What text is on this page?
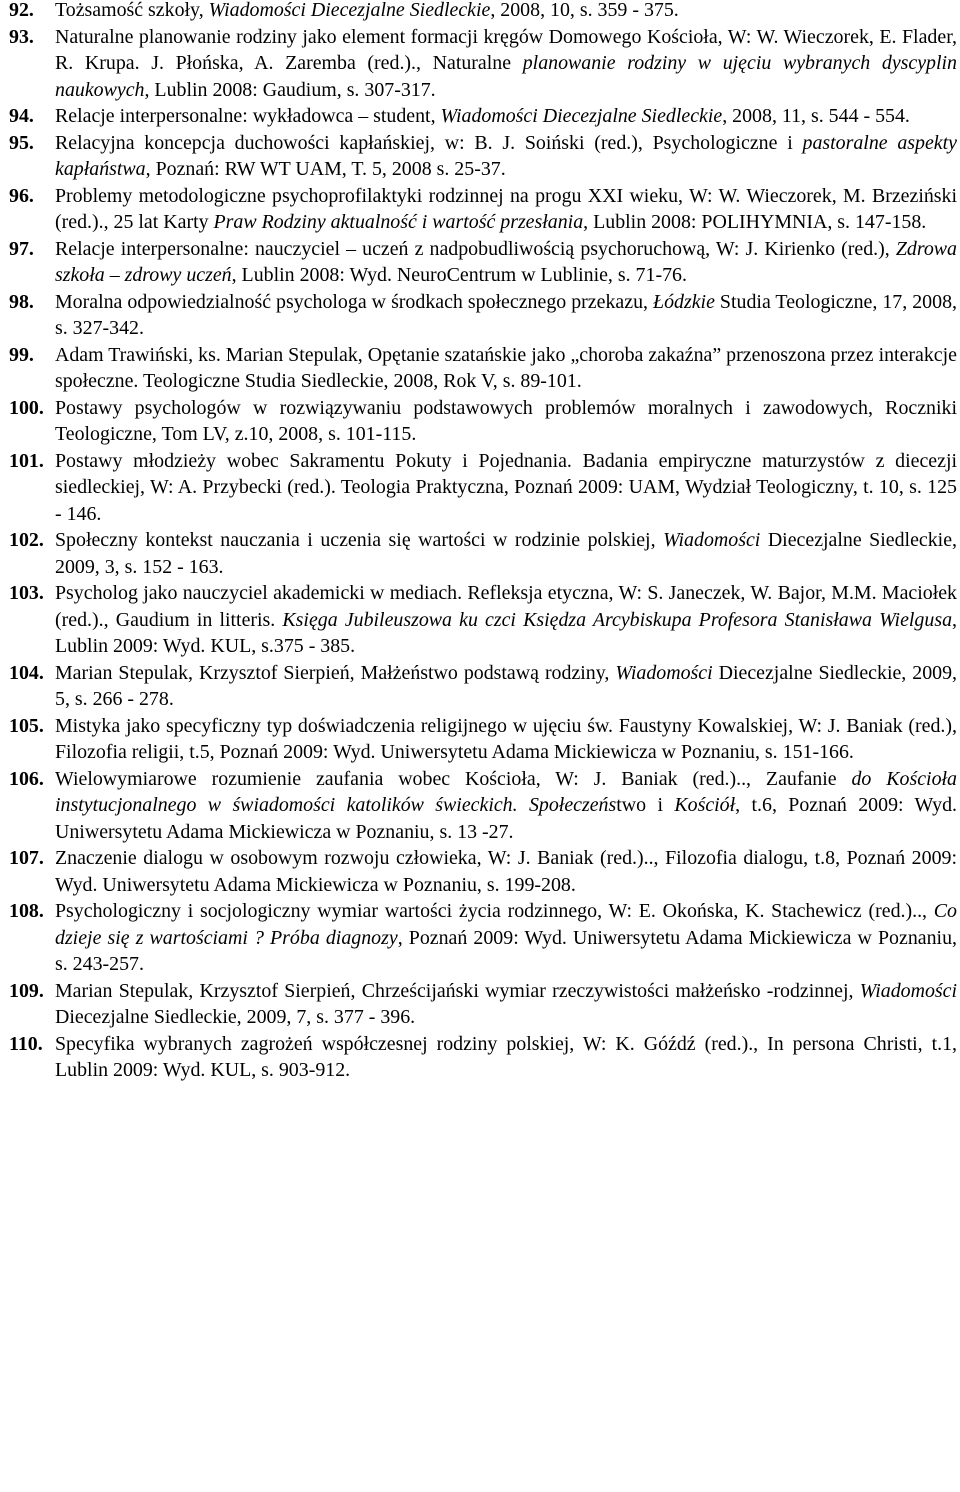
92.	Tożsamość szkoły, Wiadomości Diecezjalne Siedleckie, 2008, 10, s. 359 - 375.
93.	Naturalne planowanie rodziny jako element formacji kręgów Domowego Kościoła, W: W. Wieczorek, E. Flader, R. Krupa. J. Płońska, A. Zaremba (red.)., Naturalne planowanie rodziny w ujęciu wybranych dyscyplin naukowych, Lublin 2008: Gaudium, s. 307-317.
94.	Relacje interpersonalne: wykładowca – student, Wiadomości Diecezjalne Siedleckie, 2008, 11, s. 544 - 554.
95.	Relacyjna koncepcja duchowości kapłańskiej, w: B. J. Soiński (red.), Psychologiczne i pastoralne aspekty kapłaństwa, Poznań: RW WT UAM, T. 5, 2008 s. 25-37.
96.	Problemy metodologiczne psychoprofilaktyki rodzinnej na progu XXI wieku, W: W. Wieczorek, M. Brzeziński (red.)., 25 lat Karty Praw Rodziny aktualność i wartość przesłania, Lublin 2008: POLIHYMNIA, s. 147-158.
97.	Relacje interpersonalne: nauczyciel – uczeń z nadpobudliwością psychoruchową, W: J. Kirienko (red.), Zdrowa szkoła – zdrowy uczeń, Lublin 2008: Wyd. NeuroCentrum w Lublinie, s. 71-76.
98.	Moralna odpowiedzialność psychologa w środkach społecznego przekazu, Łódzkie Studia Teologiczne, 17, 2008, s. 327-342.
99.	Adam Trawiński, ks. Marian Stepulak, Opętanie szatańskie jako „choroba zakaźna” przenoszona przez interakcje społeczne. Teologiczne Studia Siedleckie, 2008, Rok V, s. 89-101.
100. Postawy psychologów w rozwiązywaniu podstawowych problemów moralnych i zawodowych, Roczniki Teologiczne, Tom LV, z.10, 2008, s. 101-115.
101. Postawy młodzieży wobec Sakramentu Pokuty i Pojednania. Badania empiryczne maturzystów z diecezji siedleckiej, W: A. Przybecki (red.). Teologia Praktyczna, Poznań 2009: UAM, Wydział Teologiczny, t. 10, s. 125 - 146.
102. Społeczny kontekst nauczania i uczenia się wartości w rodzinie polskiej, Wiadomości Diecezjalne Siedleckie, 2009, 3, s. 152 - 163.
103. Psycholog jako nauczyciel akademicki w mediach. Refleksja etyczna, W: S. Janeczek, W. Bajor, M.M. Maciołek (red.)., Gaudium in litteris. Księga Jubileuszowa ku czci Księdza Arcybiskupa Profesora Stanisława Wielgusa, Lublin 2009: Wyd. KUL, s.375 - 385.
104. Marian Stepulak, Krzysztof Sierpień, Małżeństwo podstawą rodziny, Wiadomości Diecezjalne Siedleckie, 2009, 5, s. 266 - 278.
105. Mistyka jako specyficzny typ doświadczenia religijnego w ujęciu św. Faustyny Kowalskiej, W: J. Baniak (red.), Filozofia religii, t.5, Poznań 2009: Wyd. Uniwersytetu Adama Mickiewicza w Poznaniu, s. 151-166.
106. Wielowymiarowe rozumienie zaufania wobec Kościoła, W: J. Baniak (red.).., Zaufanie do Kościoła instytucjonalnego w świadomości katolików świeckich. Społeczeństwo i Kościół, t.6, Poznań 2009: Wyd. Uniwersytetu Adama Mickiewicza w Poznaniu, s. 13 -27.
107. Znaczenie dialogu w osobowym rozwoju człowieka, W: J. Baniak (red.).., Filozofia dialogu, t.8, Poznań 2009: Wyd. Uniwersytetu Adama Mickiewicza w Poznaniu, s. 199-208.
108. Psychologiczny i socjologiczny wymiar wartości życia rodzinnego, W: E. Okońska, K. Stachewicz (red.).., Co dzieje się z wartościami ? Próba diagnozy, Poznań 2009: Wyd. Uniwersytetu Adama Mickiewicza w Poznaniu, s. 243-257.
109. Marian Stepulak, Krzysztof Sierpień, Chrześcijański wymiar rzeczywistości małżeńsko -rodzinnej, Wiadomości Diecezjalne Siedleckie, 2009, 7, s. 377 - 396.
110. Specyfika wybranych zagrożeń współczesnej rodziny polskiej, W: K. Góźdź (red.)., In persona Christi, t.1, Lublin 2009: Wyd. KUL, s. 903-912.
